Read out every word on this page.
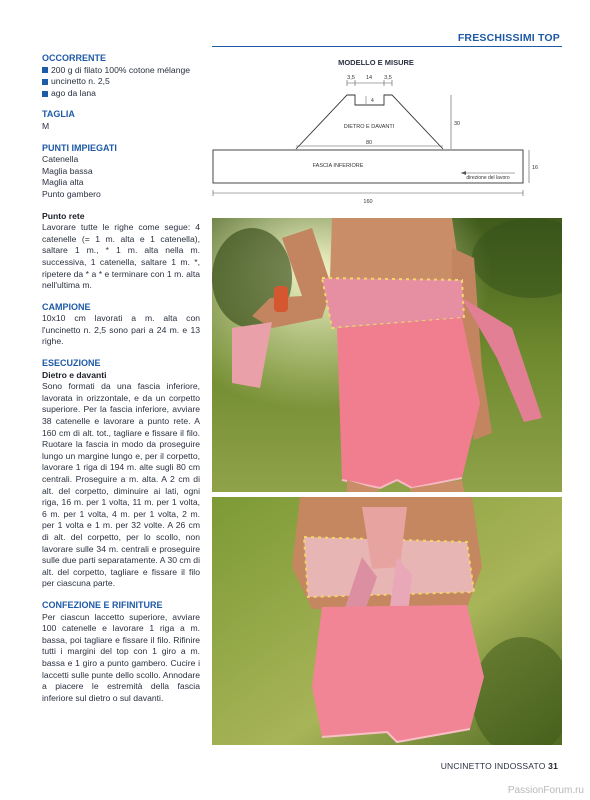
FRESCHISSIMI TOP

OCCORRENTE

200 g di filato 100% cotone mélange
uncinetto n. 2,5
ago da lana

TAGLIA

M

PUNTI IMPIEGATI

Catenella
Maglia bassa
Maglia alta
Punto gambero
Punto rete
Lavorare tutte le righe come segue: 4 catenelle (= 1 m. alta e 1 catenella), saltare 1 m., * 1 m. alta nella m. successiva, 1 catenella, saltare 1 m. *, ripetere da * a * e terminare con 1 m. alta nell'ultima m.

CAMPIONE

10x10 cm lavorati a m. alta con l'uncinetto n. 2,5 sono pari a 24 m. e 13 righe.

ESECUZIONE

Dietro e davanti
Sono formati da una fascia inferiore, lavorata in orizzontale, e da un corpetto superiore. Per la fascia inferiore, avviare 38 catenelle e lavorare a punto rete. A 160 cm di alt. tot., tagliare e fissare il filo. Ruotare la fascia in modo da proseguire lungo un margine lungo e, per il corpetto, lavorare 1 riga di 194 m. alte sugli 80 cm centrali. Proseguire a m. alta. A 2 cm di alt. del corpetto, diminuire ai lati, ogni riga, 16 m. per 1 volta, 11 m. per 1 volta, 6 m. per 1 volta, 4 m. per 1 volta, 2 m. per 1 volta e 1 m. per 32 volte. A 26 cm di alt. del corpetto, per lo scollo, non lavorare sulle 34 m. centrali e proseguire sulle due parti separatamente. A 30 cm di alt. del corpetto, tagliare e fissare il filo per ciascuna parte.

CONFEZIONE E RIFINITURE

Per ciascun laccetto superiore, avviare 100 catenelle e lavorare 1 riga a m. bassa, poi tagliare e fissare il filo. Rifinire tutti i margini del top con 1 giro a m. bassa e 1 giro a punto gambero. Cucire i laccetti sulle punte dello scollo. Annodare a piacere le estremità della fascia inferiore sul dietro o sul davanti.
MODELLO E MISURE
3,5 14 3,5
4
DIETRO E DAVANTI	30
80
FASCIA INFERIORE
direzione del lavoro
16
160
UNCINETTO INDOSSATO 31
PassionForum.ru
